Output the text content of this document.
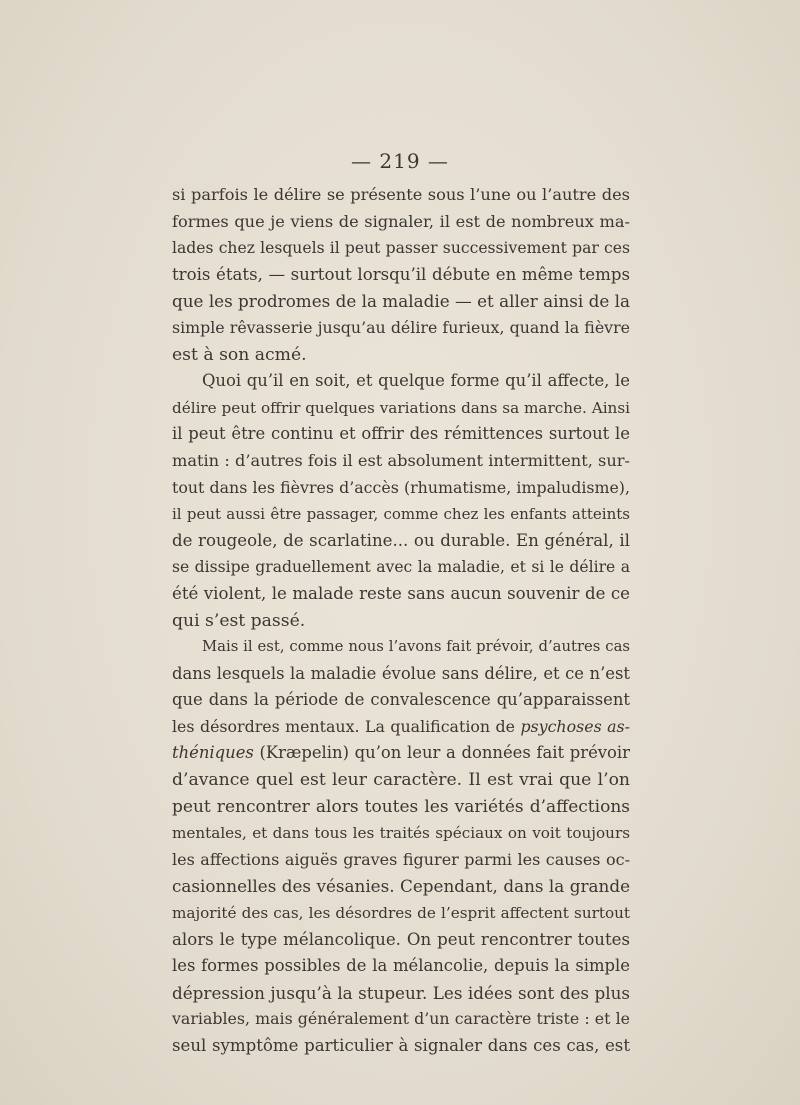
— 219 —
si parfois le délire se présente sous l’une ou l’autre des
formes que je viens de signaler, il est de nombreux ma-
lades chez lesquels il peut passer successivement par ces
trois états, — surtout lorsqu’il débute en même temps
que les prodromes de la maladie — et aller ainsi de la
simple rêvasserie jusqu’au délire furieux, quand la fièvre
est à son acmé.
Quoi qu’il en soit, et quelque forme qu’il affecte, le
délire peut offrir quelques variations dans sa marche. Ainsi
il peut être continu et offrir des rémittences surtout le
matin : d’autres fois il est absolument intermittent, sur-
tout dans les fièvres d’accès (rhumatisme, impaludisme),
il peut aussi être passager, comme chez les enfants atteints
de rougeole, de scarlatine... ou durable. En général, il
se dissipe graduellement avec la maladie, et si le délire a
été violent, le malade reste sans aucun souvenir de ce
qui s’est passé.
Mais il est, comme nous l’avons fait prévoir, d’autres cas
dans lesquels la maladie évolue sans délire, et ce n’est
que dans la période de convalescence qu’apparaissent
les désordres mentaux. La qualification de psychoses as-
théniques (Kræpelin) qu’on leur a données fait prévoir
d’avance quel est leur caractère. Il est vrai que l’on
peut rencontrer alors toutes les variétés d’affections
mentales, et dans tous les traités spéciaux on voit toujours
les affections aiguës graves figurer parmi les causes oc-
casionnelles des vésanies. Cependant, dans la grande
majorité des cas, les désordres de l’esprit affectent surtout
alors le type mélancolique. On peut rencontrer toutes
les formes possibles de la mélancolie, depuis la simple
dépression jusqu’à la stupeur. Les idées sont des plus
variables, mais généralement d’un caractère triste : et le
seul symptôme particulier à signaler dans ces cas, est
